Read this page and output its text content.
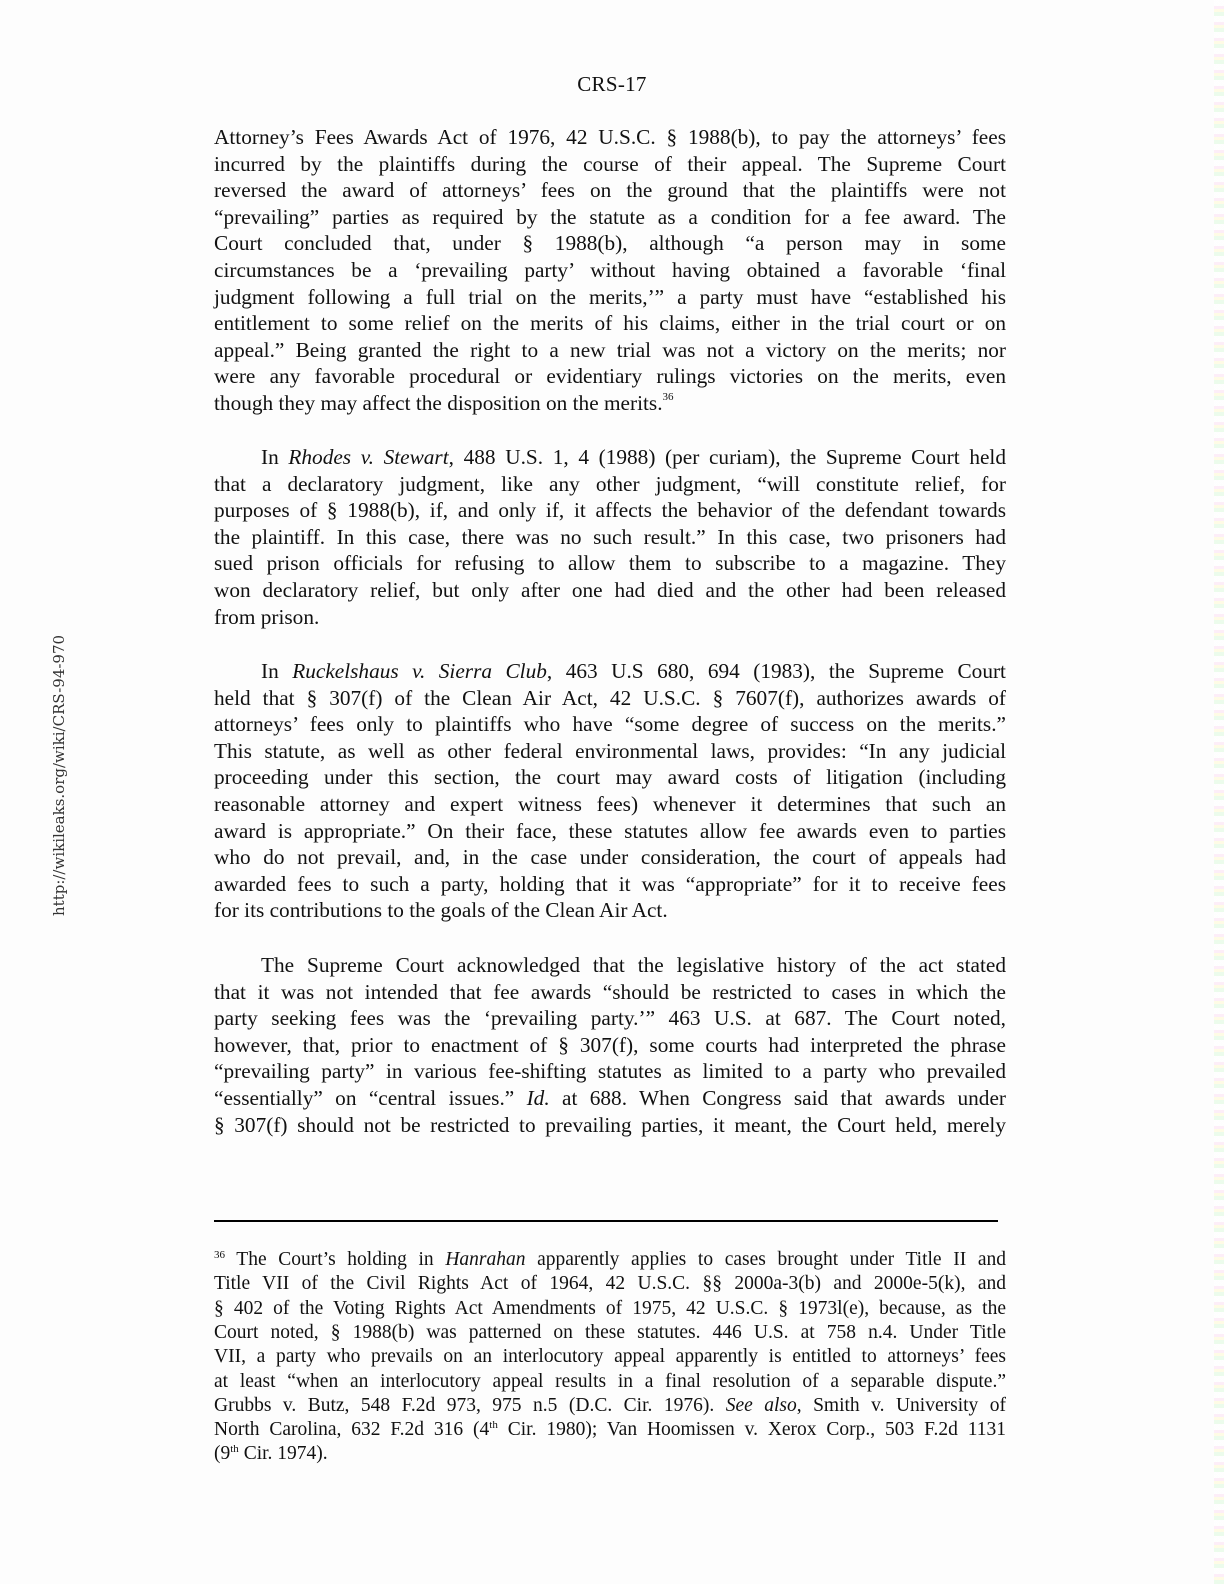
CRS-17
http://wikileaks.org/wiki/CRS-94-970
Attorney’s Fees Awards Act of 1976, 42 U.S.C. § 1988(b), to pay the attorneys’ fees
incurred by the plaintiffs during the course of their appeal. The Supreme Court
reversed the award of attorneys’ fees on the ground that the plaintiffs were not
“prevailing” parties as required by the statute as a condition for a fee award. The
Court concluded that, under § 1988(b), although “a person may in some
circumstances be a ‘prevailing party’ without having obtained a favorable ‘final
judgment following a full trial on the merits,’” a party must have “established his
entitlement to some relief on the merits of his claims, either in the trial court or on
appeal.” Being granted the right to a new trial was not a victory on the merits; nor
were any favorable procedural or evidentiary rulings victories on the merits, even
though they may affect the disposition on the merits.$^{36}$
In Rhodes v. Stewart, 488 U.S. 1, 4 (1988) (per curiam), the Supreme Court held
that a declaratory judgment, like any other judgment, “will constitute relief, for
purposes of § 1988(b), if, and only if, it affects the behavior of the defendant towards
the plaintiff. In this case, there was no such result.” In this case, two prisoners had
sued prison officials for refusing to allow them to subscribe to a magazine. They
won declaratory relief, but only after one had died and the other had been released
from prison.
In Ruckelshaus v. Sierra Club, 463 U.S 680, 694 (1983), the Supreme Court
held that § 307(f) of the Clean Air Act, 42 U.S.C. § 7607(f), authorizes awards of
attorneys’ fees only to plaintiffs who have “some degree of success on the merits.”
This statute, as well as other federal environmental laws, provides: “In any judicial
proceeding under this section, the court may award costs of litigation (including
reasonable attorney and expert witness fees) whenever it determines that such an
award is appropriate.” On their face, these statutes allow fee awards even to parties
who do not prevail, and, in the case under consideration, the court of appeals had
awarded fees to such a party, holding that it was “appropriate” for it to receive fees
for its contributions to the goals of the Clean Air Act.
The Supreme Court acknowledged that the legislative history of the act stated
that it was not intended that fee awards “should be restricted to cases in which the
party seeking fees was the ‘prevailing party.’” 463 U.S. at 687. The Court noted,
however, that, prior to enactment of § 307(f), some courts had interpreted the phrase
“prevailing party” in various fee-shifting statutes as limited to a party who prevailed
“essentially” on “central issues.” Id. at 688. When Congress said that awards under
§ 307(f) should not be restricted to prevailing parties, it meant, the Court held, merely
$^{36}$ The Court’s holding in Hanrahan apparently applies to cases brought under Title II and
Title VII of the Civil Rights Act of 1964, 42 U.S.C. §§ 2000a-3(b) and 2000e-5(k), and
§ 402 of the Voting Rights Act Amendments of 1975, 42 U.S.C. § 1973l(e), because, as the
Court noted, § 1988(b) was patterned on these statutes. 446 U.S. at 758 n.4. Under Title
VII, a party who prevails on an interlocutory appeal apparently is entitled to attorneys’ fees
at least “when an interlocutory appeal results in a final resolution of a separable dispute.”
Grubbs v. Butz, 548 F.2d 973, 975 n.5 (D.C. Cir. 1976). See also, Smith v. University of
North Carolina, 632 F.2d 316 (4th Cir. 1980); Van Hoomissen v. Xerox Corp., 503 F.2d 1131
(9th Cir. 1974).
